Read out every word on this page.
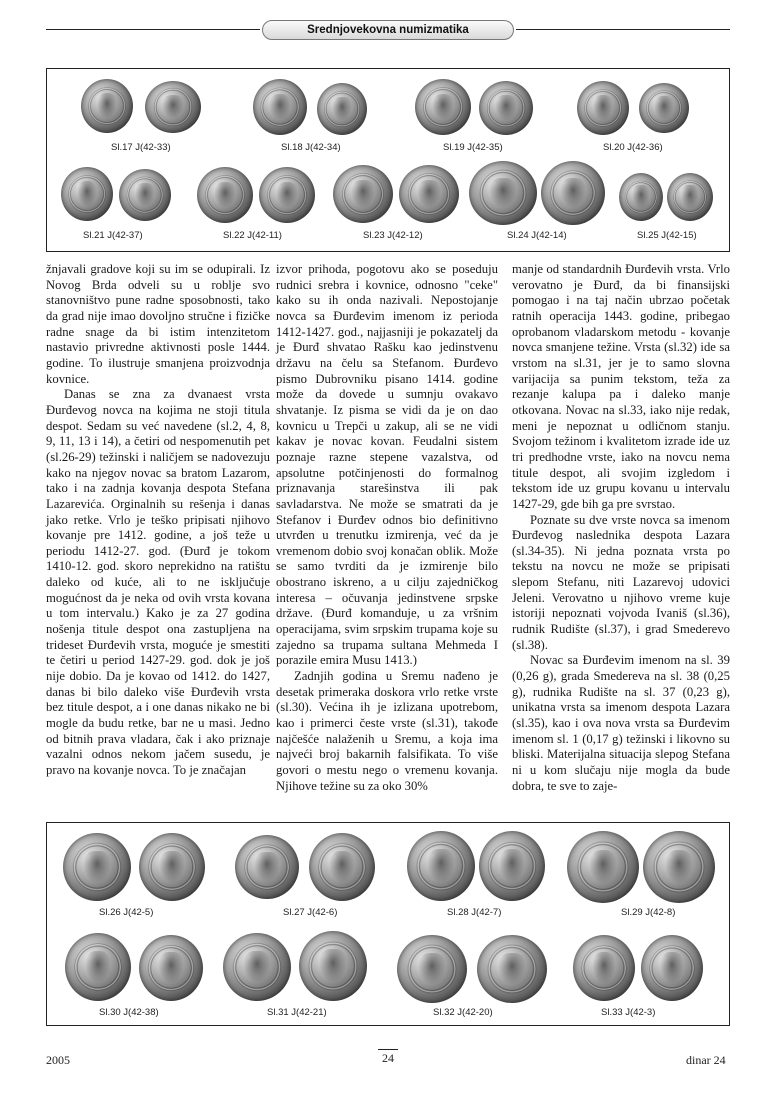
Srednjovekovna numizmatika
Sl.17 J(42-33)	Sl.18 J(42-34)	Sl.19 J(42-35)	Sl.20 J(42-36)
Sl.21 J(42-37)	Sl.22 J(42-11)	Sl.23 J(42-12)	Sl.24 J(42-14)	Sl.25 J(42-15)

žnjavali gradove koji su im se odupirali. Iz Novog Brda odveli su u roblje svo stanovništvo pune radne sposobnosti, tako da grad nije imao dovoljno stručne i fizičke radne snage da bi istim intenzitetom nastavio privredne aktivnosti posle 1444. godine. To ilustruje smanjena proizvodnja kovnice.

Danas se zna za dvanaest vrsta Đurđevog novca na kojima ne stoji titula despot. Sedam su već navedene (sl.2, 4, 8, 9, 11, 13 i 14), a četiri od nespomenutih pet (sl.26-29) težinski i naličjem se nadovezuju kako na njegov novac sa bratom Lazarom, tako i na zadnja kovanja despota Stefana Lazarevića. Orginalnih su rešenja i danas jako retke. Vrlo je teško pripisati njihovo kovanje pre 1412. godine, a još teže u periodu 1412-27. god. (Đurđ je tokom 1410-12. god. skoro neprekidno na ratištu daleko od kuće, ali to ne isključuje mogućnost da je neka od ovih vrsta kovana u tom intervalu.) Kako je za 27 godina nošenja titule despot ona zastupljena na trideset Đurđevih vrsta, moguće je smestiti te četiri u period 1427-29. god. dok je još nije dobio. Da je kovao od 1412. do 1427, danas bi bilo daleko više Đurđevih vrsta bez titule despot, a i one danas nikako ne bi mogle da budu retke, bar ne u masi. Jedno od bitnih prava vladara, čak i ako priznaje vazalni odnos nekom jačem susedu, je pravo na kovanje novca. To je značajan

izvor prihoda, pogotovu ako se poseduju rudnici srebra i kovnice, odnosno "ceke" kako su ih onda nazivali. Nepostojanje novca sa Đurđevim imenom iz perioda 1412-1427. god., najjasniji je pokazatelj da je Đurđ shvatao Rašku kao jedinstvenu državu na čelu sa Stefanom. Đurđevo pismo Dubrovniku pisano 1414. godine može da dovede u sumnju ovakavo shvatanje. Iz pisma se vidi da je on dao kovnicu u Trepči u zakup, ali se ne vidi kakav je novac kovan. Feudalni sistem poznaje razne stepene vazalstva, od apsolutne potčinjenosti do formalnog priznavanja starešinstva ili pak savladarstva. Ne može se smatrati da je Stefanov i Đurđev odnos bio definitivno utvrđen u trenutku izmirenja, već da je vremenom dobio svoj konačan oblik. Može se samo tvrditi da je izmirenje bilo obostrano iskreno, a u cilju zajedničkog interesa – očuvanja jedinstvene srpske države. (Đurđ komanduje, u za vršnim operacijama, svim srpskim trupama koje su zajedno sa trupama sultana Mehmeda I porazile emira Musu 1413.)

Zadnjih godina u Sremu nađeno je desetak primeraka doskora vrlo retke vrste (sl.30). Većina ih je izlizana upotrebom, kao i primerci česte vrste (sl.31), takođe najčešće nalaženih u Sremu, a koja ima najveći broj bakarnih falsifikata. To više govori o mestu nego o vremenu kovanja. Njihove težine su za oko 30%

manje od standardnih Đurđevih vrsta. Vrlo verovatno je Đurđ, da bi finansijski pomogao i na taj način ubrzao početak ratnih operacija 1443. godine, pribegao oprobanom vladarskom metodu - kovanje novca smanjene težine. Vrsta (sl.32) ide sa vrstom na sl.31, jer je to samo slovna varijacija sa punim tekstom, teža za rezanje kalupa pa i daleko manje otkovana. Novac na sl.33, iako nije redak, meni je nepoznat u odličnom stanju. Svojom težinom i kvalitetom izrade ide uz tri predhodne vrste, iako na novcu nema titule despot, ali svojim izgledom i tekstom ide uz grupu kovanu u intervalu 1427-29, gde bih ga pre svrstao.

Poznate su dve vrste novca sa imenom Đurđevog naslednika despota Lazara (sl.34-35). Ni jedna poznata vrsta po tekstu na novcu ne može se pripisati slepom Stefanu, niti Lazarevoj udovici Jeleni. Verovatno u njihovo vreme kuje istoriji nepoznati vojvoda Ivaniš (sl.36), rudnik Rudište (sl.37), i grad Smederevo (sl.38).

Novac sa Đurđevim imenom na sl. 39 (0,26 g), grada Smedereva na sl. 38 (0,25 g), rudnika Rudište na sl. 37 (0,23 g), unikatna vrsta sa imenom despota Lazara (sl.35), kao i ova nova vrsta sa Đurđevim imenom sl. 1 (0,17 g) težinski i likovno su bliski. Materijalna situacija slepog Stefana ni u kom slučaju nije mogla da bude dobra, te sve to zaje-

Sl.26 J(42-5)	Sl.27 J(42-6)	Sl.28 J(42-7)	Sl.29 J(42-8)
Sl.30 J(42-38)	Sl.31 J(42-21)	Sl.32 J(42-20)	Sl.33 J(42-3)
2005	24	dinar 24
